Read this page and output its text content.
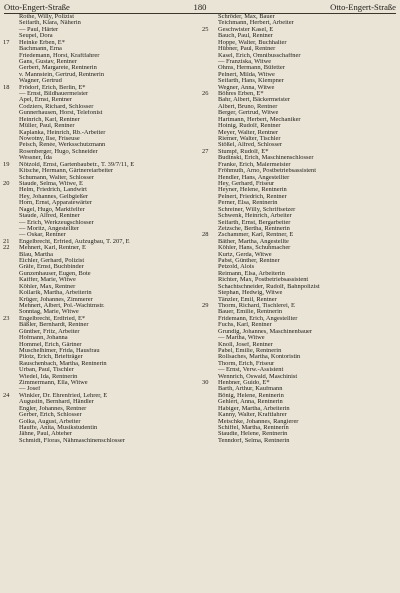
Otto-Engert-Straße	180	Otto-Engert-Straße
Rothe, Willy, Polizist
Seifarth, Klara, Näherin
— Paul, Härter
Seupel, Dora
17 Heinke Erben, E*
Bachmann, Erna
Friedemann, Horst, Kraftfahrer
Gans, Gustav, Rentner
Gerbert, Margarete, Rentnerin
v. Mannstein, Gertrud, Rentnerin
Wagner, Gertrud
18 Frödorf, Erich, Berlin, E*
— Ernst, Bildhauermeister
Apel, Ernst, Rentner
Codziers, Richard, Schlosser
Gunnerhausen, Horst, Telefonist
Heinrich, Karl, Rentner
Müller, Paul, Rentner
Kaplanka, Heinrich, Rb.-Arbeiter
Nowotny, Ilse, Friseuse
Peisch, Renée, Werksschutzmann
Rosenberger, Hugo, Schneider
Wessner, Ida
19 Nötzold, Ernst, Gartenbaubetr., T. 39/7/11, E
Kitsche, Hermann, Gärtnereiarbeiter
Schumann, Walter, Schlosser
20 Staude, Selma, Witwe, E
Helm, Friedrich, Landwirt
Hey, Johannes, Gelbgießer
Horn, Ernst, Apparatewärter
Nagel, Hugo, Marktfelfer
Staude, Alfred, Rentner
— Erich, Werkzeugschlosser
— Moritz, Angestellter
— Oskar, Rentner
21 Engelbrecht, Erfried, Aufzugbau, T. 207, E
22 Mehnert, Karl, Rentner, E
Blau, Martha
Eichler, Gerhard, Polizist
Gräfe, Ernst, Buchbinder
Gunzenhauser, Eugen, Bote
Kaiffer, Marie, Witwe
Köhler, Max, Rentner
Kollarik, Martha, Arbeiterin
Krüger, Johannes, Zimmerer
Mehnert, Albert, Pol.-Wachtmstr.
Sonntag, Marie, Witwe
23 Engelbrecht, Erdfried, E*
Bäßler, Bernhardt, Rentner
Günther, Fritz, Arbeiter
Hofmann, Johanna
Hommel, Erich, Gärtner
Muschelhimer, Frida, Hausfrau
Pilotz, Erich, Briefträger
Rauschenbach, Martha, Rentnerin
Urban, Paul, Tischler
Wiedel, Ida, Rentnerin
Zimmermann, Ella, Witwe
— Josef
24 Winkler, Dr. Ehrenfried, Lehrer, E
Augustin, Bernhard, Händler
Engler, Johannes, Rentner
Gerber, Erich, Schlosser
Golka, August, Arbeiter
Hauffe, Anita, Musikstudentin
Jähne, Paul, Abteher
Schmidt, Floras, Nähmaschinenschlosser
Schröder, Max, Bauer
Teichmann, Herbert, Arbeiter
25 Geschwister Kasel, E
Bauch, Paul, Rentner
Hoppe, Walter, Buchhalter
Hübner, Paul, Rentner
Kasel, Erich, Omnibusschaffner
— Franziska, Witwe
Ohms, Hermann, Büfetter
Pelnert, Milda, Witwe
Seifarth, Hans, Klempner
Wegner, Anna, Witwe
26 Böhres Erben, E*
Bahr, Albert, Bäckermeister
Albert, Bruno, Rentner
Berger, Gertrud, Witwe
Hartmann, Herbert, Mechaniker
Hoinig, Rudolf, Rentner
Meyer, Walter, Rentner
Riemer, Walter, Tischler
Stößel, Alfred, Schlosser
27 Stumpf, Rudolf, E*
Budinski, Erich, Maschinenschlosser
Franke, Erich, Malermeister
Fröhmuth, Arno, Postbetriebsassistent
Hendler, Hans, Angestellter
Hey, Gerhard, Friseur
Heyner, Helene, Rentnerin
Pelnert, Friedrich, Rentner
Perner, Elsa, Rentnerin
Schreiner, Willy, Schriftsetzer
Schwenk, Heinrich, Arbeiter
Seifarth, Ernst, Bergarbeiter
Zetzsche, Bertha, Rentnerin
28 Zschammer, Karl, Rentner, E
Bäther, Martha, Angestellte
Köhler, Hans, Schuhmacher
Kurtz, Gerda, Witwe
Pabst, Günther, Rentner
Petzold, Alois
Reimann, Elsa, Arbeiterin
Richter, Max, Postbetriebsassistent
Schachtschneider, Rudolf, Bahnpolizist
Stephan, Hedwig, Witwe
Tänzler, Emil, Rentner
29 Thorm, Richard, Tischlerei, E
Bauer, Emilie, Rentnerin
Fridemann, Erich, Angestellter
Fuchs, Karl, Rentner
Grundig, Johannes, Maschinenbauer
— Martha, Witwe
Knoll, Josef, Rentner
Pabel, Emilie, Rentnerin
Rollsaches, Martha, Kontoristin
Thorm, Erich, Friseur
— Ernst, Verw.-Assistent
Wennrich, Oswald, Maschinist
30 Henbner, Guido, E*
Barth, Arthur, Kaufmann
Bönig, Helene, Rentnerin
Gehlert, Anna, Rentnerin
Habiger, Martha, Arbeiterin
Kanny, Walter, Kraftfahrer
Metschke, Johannes, Rangierer
Schiffel, Martha, Rentnerin
Staudte, Helene, Rentnerin
Tenndorf, Selma, Rentnerin
